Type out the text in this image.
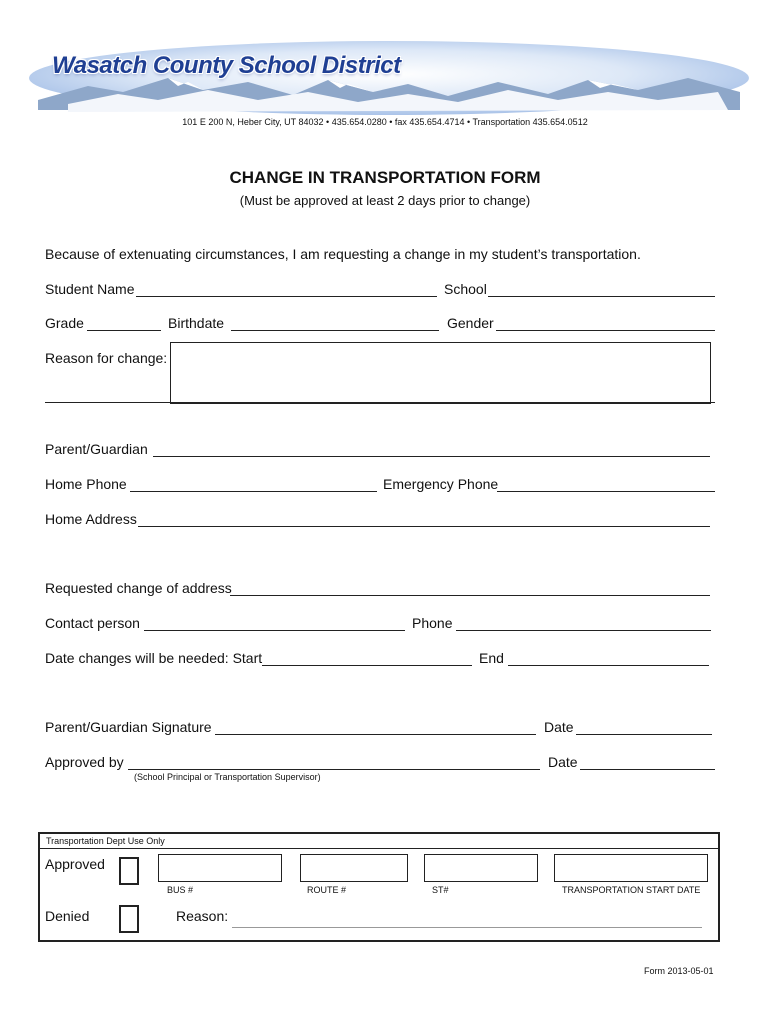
Wasatch County School District
101 E 200 N, Heber City, UT 84032 • 435.654.0280 • fax 435.654.4714 • Transportation 435.654.0512
CHANGE IN TRANSPORTATION FORM
(Must be approved at least 2 days prior to change)
Because of extenuating circumstances, I am requesting a change in my student’s transportation.
Student Name	School
Grade	Birthdate	Gender
Reason for change:
Parent/Guardian
Home Phone	Emergency Phone
Home Address
Requested change of address
Contact person	Phone
Date changes will be needed: Start	End
Parent/Guardian Signature	Date
Approved by	Date
(School Principal or Transportation Supervisor)
Transportation Dept Use Only
Approved
BUS #	ROUTE #	ST#	TRANSPORTATION START DATE
Denied	Reason:
Form 2013-05-01
